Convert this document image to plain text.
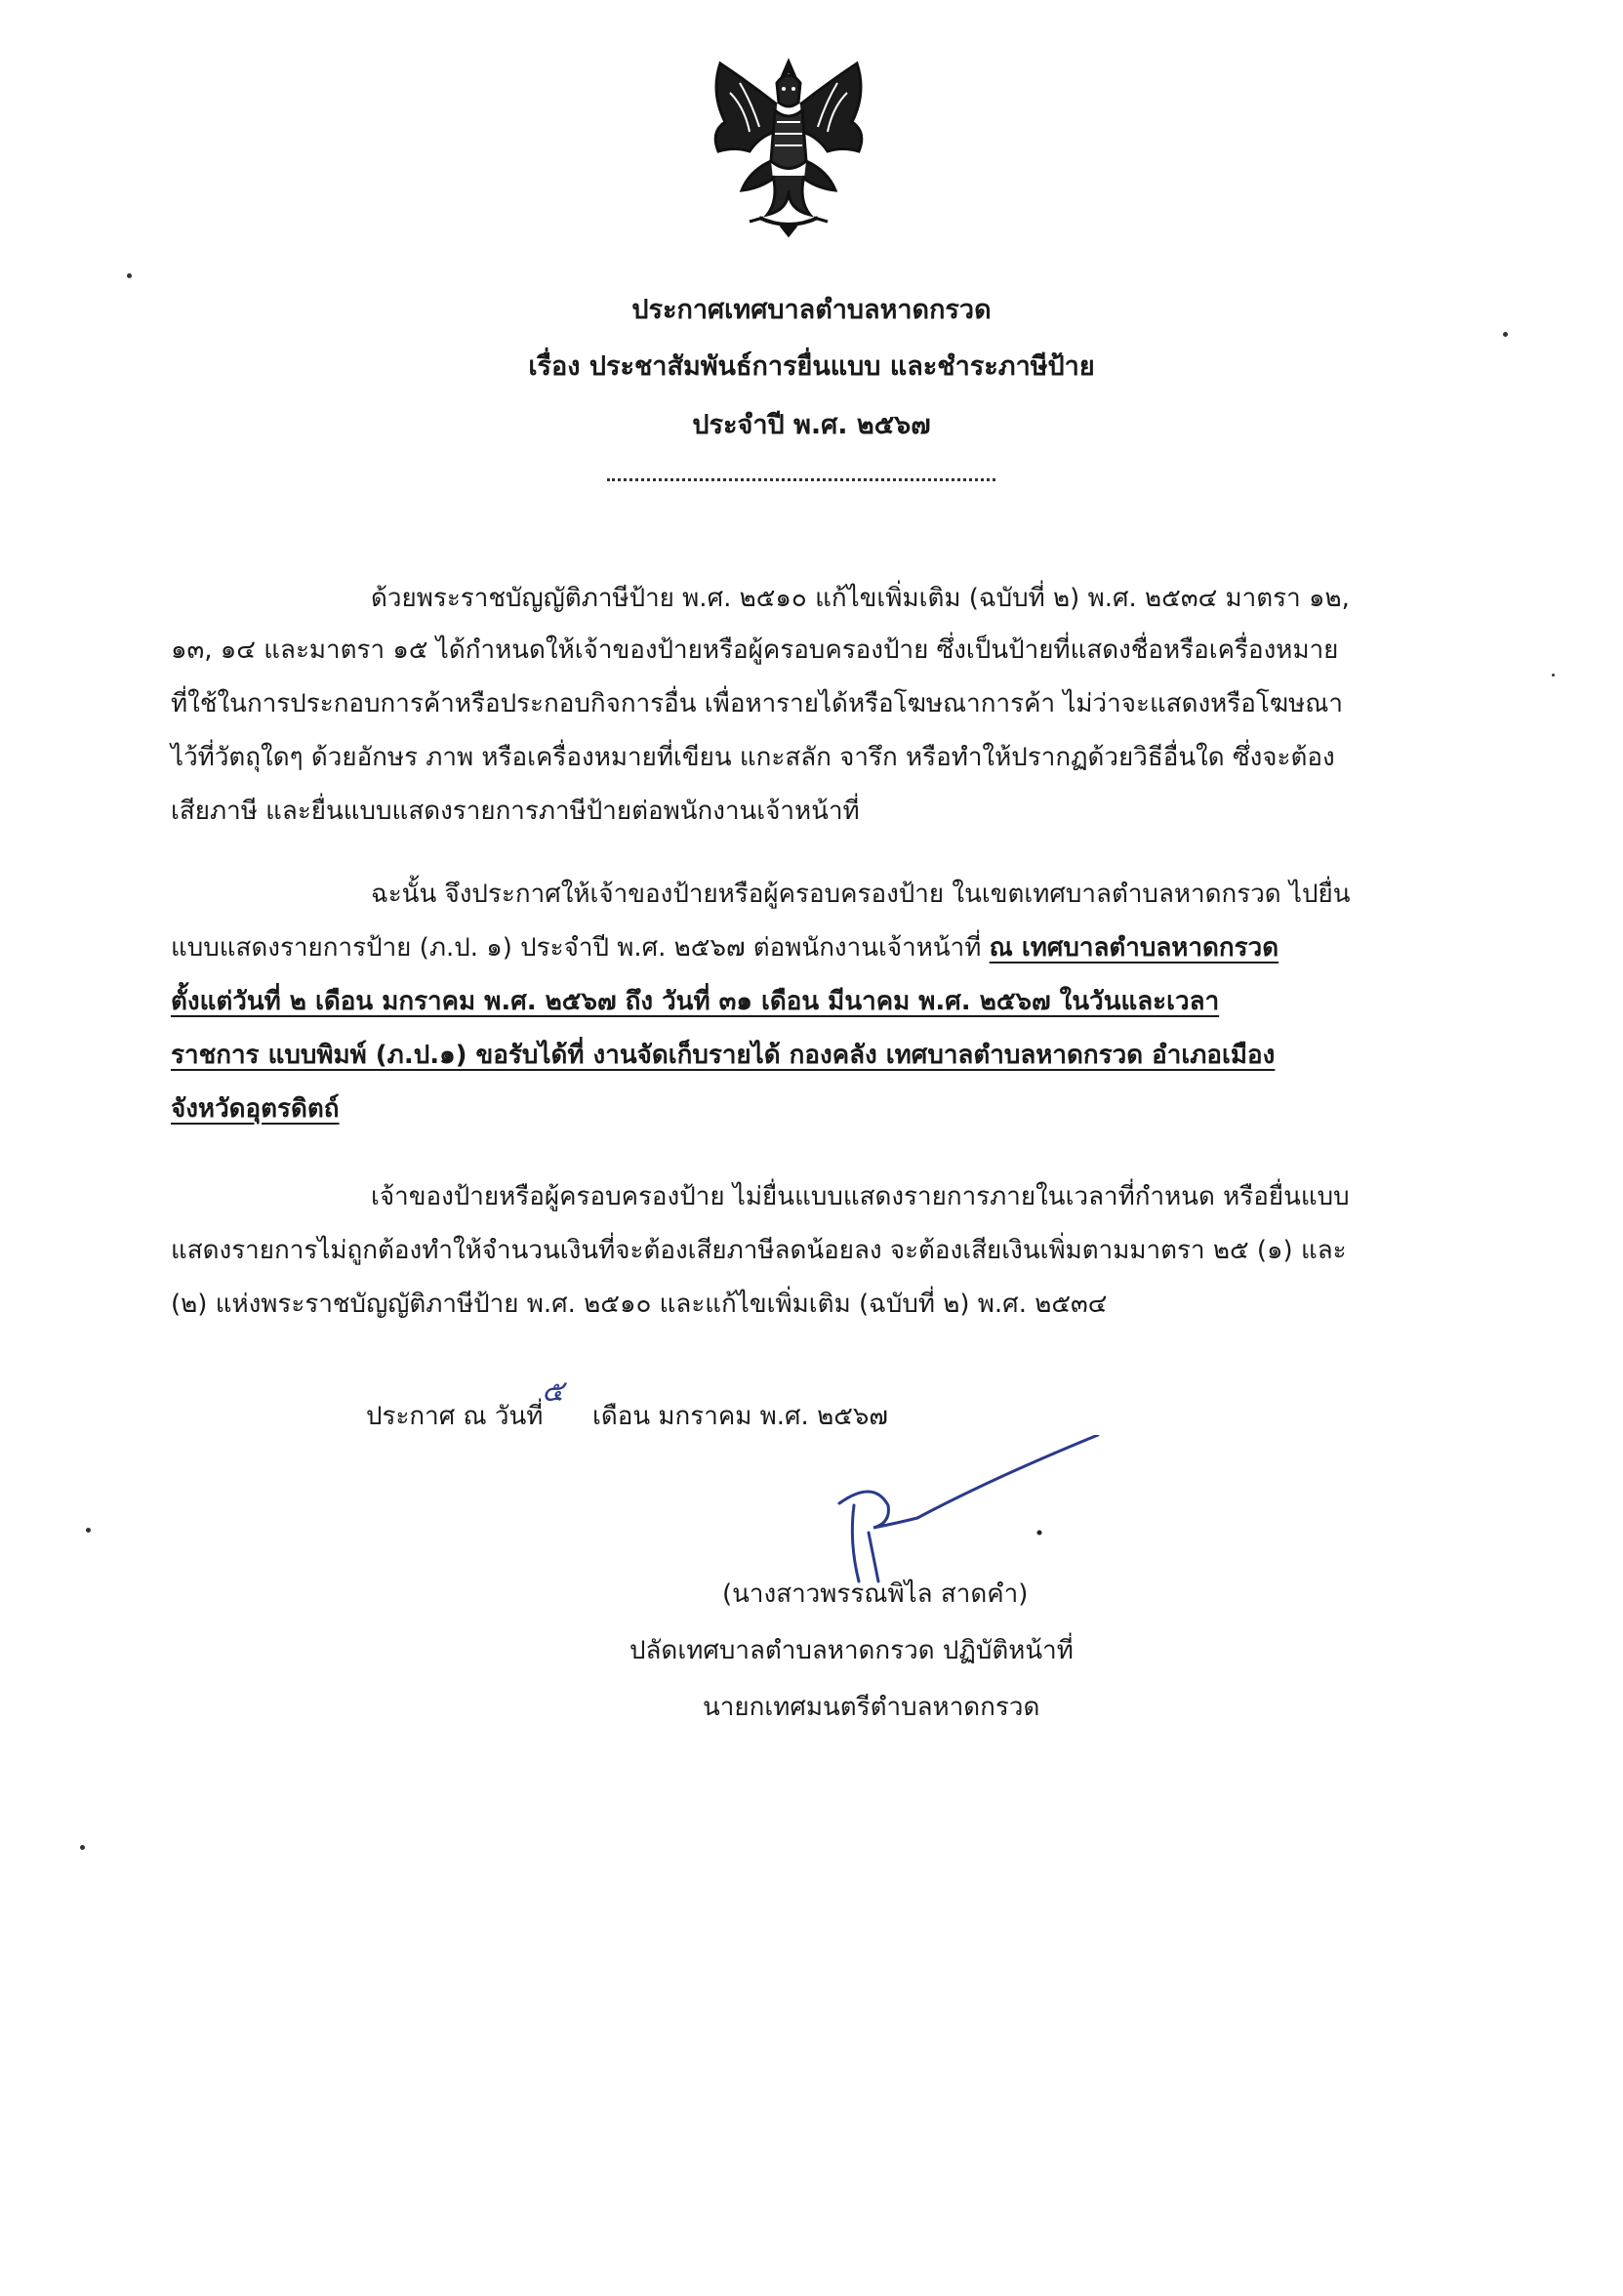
ประกาศเทศบาลตำบลหาดกรวด
เรื่อง ประชาสัมพันธ์การยื่นแบบ และชำระภาษีป้าย
ประจำปี พ.ศ. ๒๕๖๗
ด้วยพระราชบัญญัติภาษีป้าย พ.ศ. ๒๕๑๐ แก้ไขเพิ่มเติม (ฉบับที่ ๒) พ.ศ. ๒๕๓๔ มาตรา ๑๒,
๑๓, ๑๔ และมาตรา ๑๕ ได้กำหนดให้เจ้าของป้ายหรือผู้ครอบครองป้าย ซึ่งเป็นป้ายที่แสดงชื่อหรือเครื่องหมาย
ที่ใช้ในการประกอบการค้าหรือประกอบกิจการอื่น เพื่อหารายได้หรือโฆษณาการค้า ไม่ว่าจะแสดงหรือโฆษณา
ไว้ที่วัตถุใดๆ ด้วยอักษร ภาพ หรือเครื่องหมายที่เขียน แกะสลัก จารึก หรือทำให้ปรากฏด้วยวิธีอื่นใด ซึ่งจะต้อง
เสียภาษี และยื่นแบบแสดงรายการภาษีป้ายต่อพนักงานเจ้าหน้าที่
ฉะนั้น จึงประกาศให้เจ้าของป้ายหรือผู้ครอบครองป้าย ในเขตเทศบาลตำบลหาดกรวด ไปยื่น
แบบแสดงรายการป้าย (ภ.ป. ๑) ประจำปี พ.ศ. ๒๕๖๗ ต่อพนักงานเจ้าหน้าที่ ณ เทศบาลตำบลหาดกรวด
ตั้งแต่วันที่ ๒ เดือน มกราคม พ.ศ. ๒๕๖๗ ถึง วันที่ ๓๑ เดือน มีนาคม พ.ศ. ๒๕๖๗ ในวันและเวลา
ราชการ แบบพิมพ์ (ภ.ป.๑) ขอรับได้ที่ งานจัดเก็บรายได้ กองคลัง เทศบาลตำบลหาดกรวด อำเภอเมือง
จังหวัดอุตรดิตถ์
เจ้าของป้ายหรือผู้ครอบครองป้าย ไม่ยื่นแบบแสดงรายการภายในเวลาที่กำหนด หรือยื่นแบบ
แสดงรายการไม่ถูกต้องทำให้จำนวนเงินที่จะต้องเสียภาษีลดน้อยลง จะต้องเสียเงินเพิ่มตามมาตรา ๒๕ (๑) และ
(๒) แห่งพระราชบัญญัติภาษีป้าย พ.ศ. ๒๕๑๐ และแก้ไขเพิ่มเติม (ฉบับที่ ๒) พ.ศ. ๒๕๓๔
ประกาศ ณ วันที่ เดือน มกราคม พ.ศ. ๒๕๖๗
๕
(นางสาวพรรณพิไล สาดคำ)
ปลัดเทศบาลตำบลหาดกรวด ปฏิบัติหน้าที่
นายกเทศมนตรีตำบลหาดกรวด
